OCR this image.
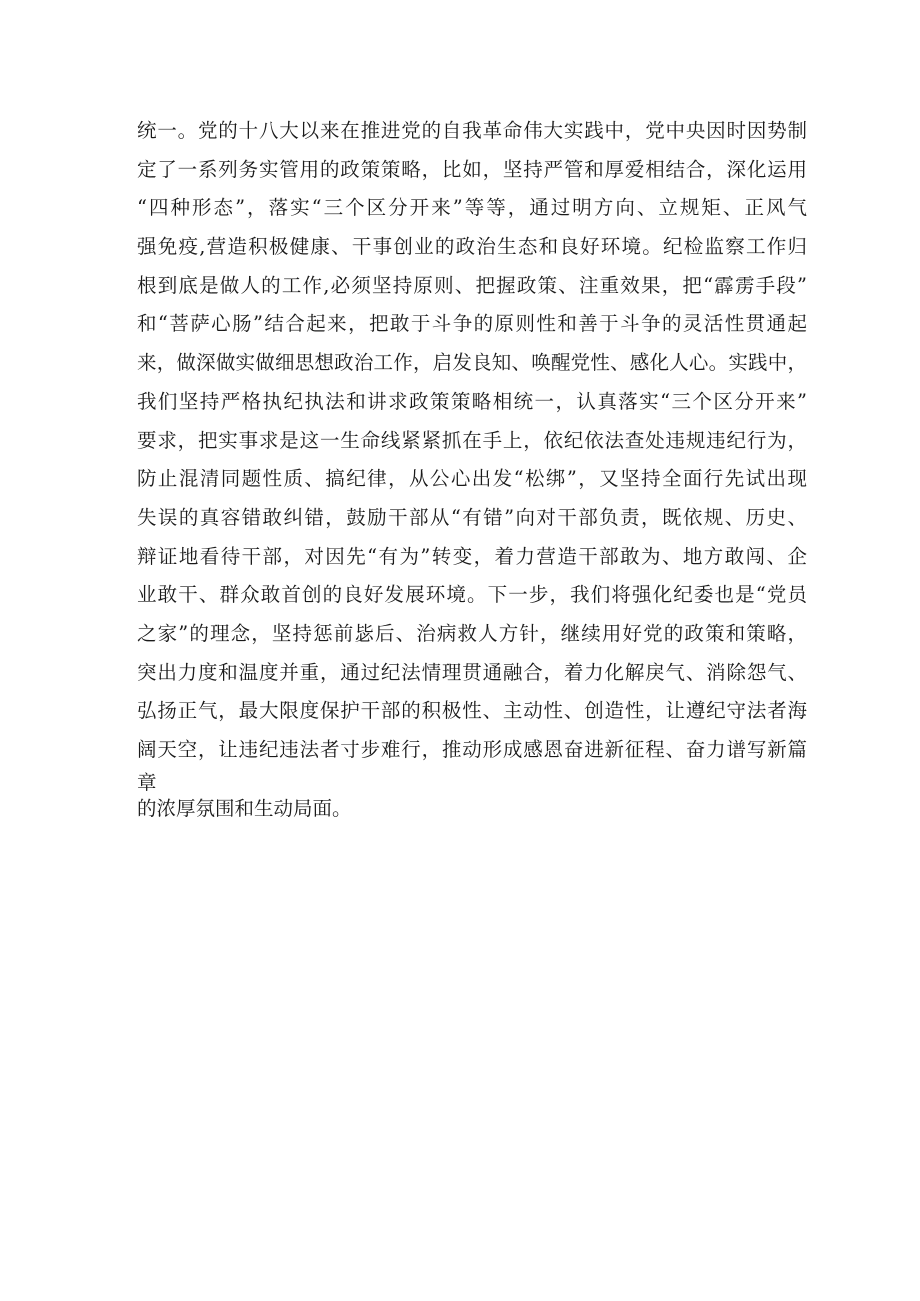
统一。党的十八大以来在推进党的自我革命伟大实践中，党中央因时因势制
定了一系列务实管用的政策策略，比如，坚持严管和厚爱相结合，深化运用
“四种形态”，落实“三个区分开来”等等，通过明方向、立规矩、正风气
强免疫,营造积极健康、干事创业的政治生态和良好环境。纪检监察工作归
根到底是做人的工作,必须坚持原则、把握政策、注重效果，把“霹雳手段”
和“菩萨心肠”结合起来，把敢于斗争的原则性和善于斗争的灵活性贯通起
来，做深做实做细思想政治工作，启发良知、唤醒党性、感化人心。实践中，
我们坚持严格执纪执法和讲求政策策略相统一，认真落实“三个区分开来”
要求，把实事求是这一生命线紧紧抓在手上，依纪依法查处违规违纪行为，
防止混清同题性质、搞纪律，从公心出发“松绑”，又坚持全面行先试出现
失误的真容错敢纠错，鼓励干部从“有错”向对干部负责，既依规、历史、
辩证地看待干部，对因先“有为”转变，着力营造干部敢为、地方敢闯、企
业敢干、群众敢首创的良好发展环境。下一步，我们将强化纪委也是“党员
之家”的理念，坚持惩前毖后、治病救人方针，继续用好党的政策和策略，
突出力度和温度并重，通过纪法情理贯通融合，着力化解戾气、消除怨气、
弘扬正气，最大限度保护干部的积极性、主动性、创造性，让遵纪守法者海
阔天空，让违纪违法者寸步难行，推动形成感恩奋进新征程、奋力谱写新篇
章
的浓厚氛围和生动局面。
